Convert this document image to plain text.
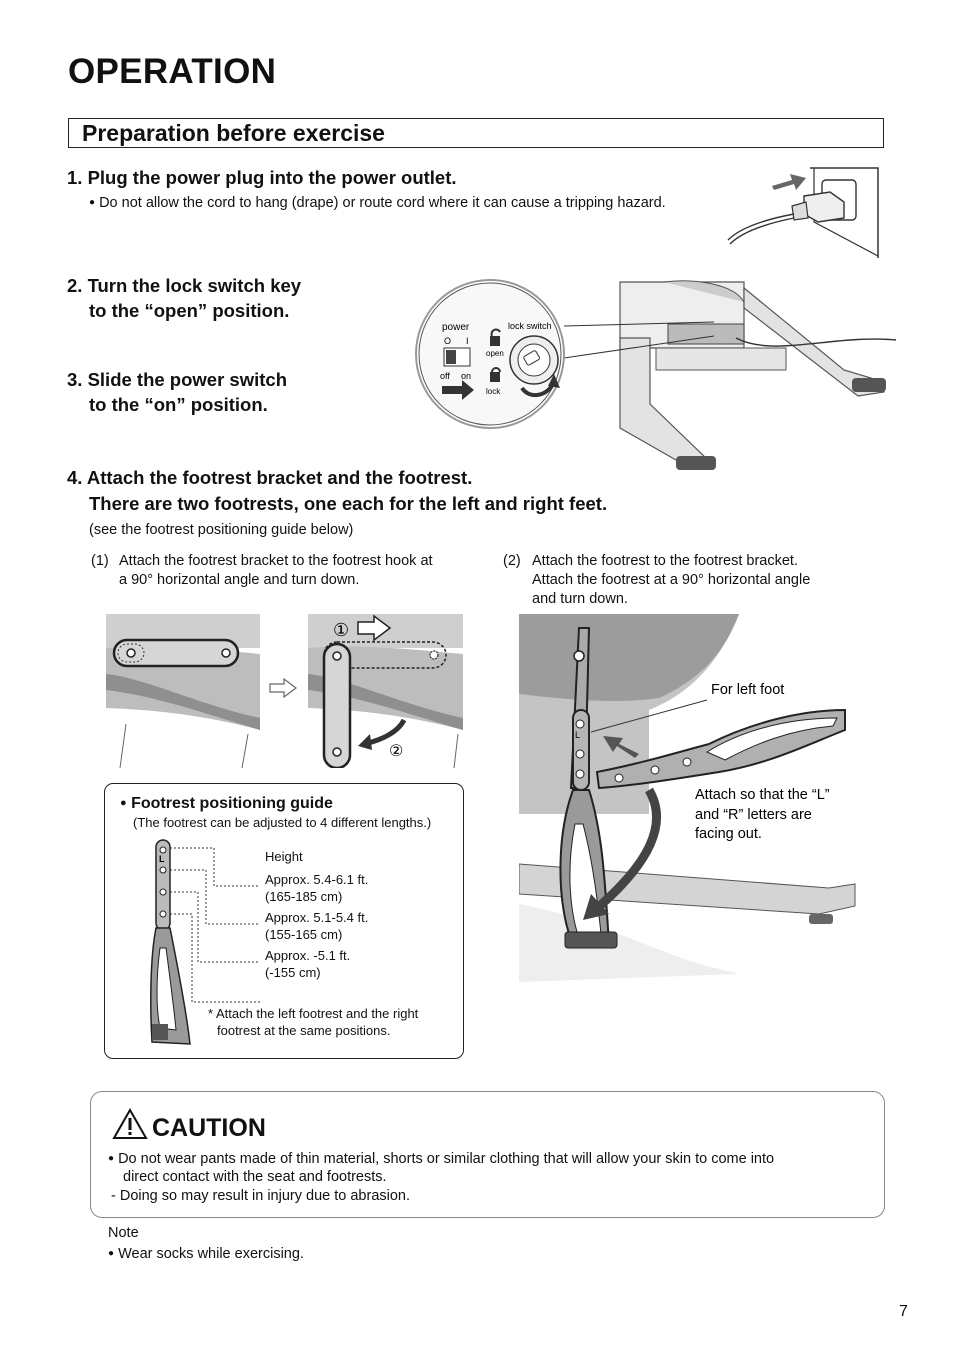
OPERATION
Preparation before exercise
1. Plug the power plug into the power outlet.
● Do not allow the cord to hang (drape) or route cord where it can cause a tripping hazard.
2. Turn the lock switch key
to the “open” position.
3. Slide the power switch
to the “on” position.
power
O I
off on
lock switch
open
lock
4. Attach the footrest bracket and the footrest.
There are two footrests, one each for the left and right feet.
(see the footrest positioning guide below)
(1) Attach the footrest bracket to the footrest hook at
a 90° horizontal angle and turn down.
(2) Attach the footrest to the footrest bracket.
Attach the footrest at a 90° horizontal angle
and turn down.
①
②
L
For left foot
Attach so that the “L”
and “R” letters are
facing out.
● Footrest positioning guide
(The footrest can be adjusted to 4 different lengths.)
L	Height
Approx. 5.4-6.1 ft.
(165-185 cm)
Approx. 5.1-5.4 ft.
(155-165 cm)
Approx. -5.1 ft.
(-155 cm)
* Attach the left footrest and the right
footrest at the same positions.
CAUTION
● Do not wear pants made of thin material, shorts or similar clothing that will allow your skin to come into
direct contact with the seat and footrests.
- Doing so may result in injury due to abrasion.
Note
● Wear socks while exercising.
7
